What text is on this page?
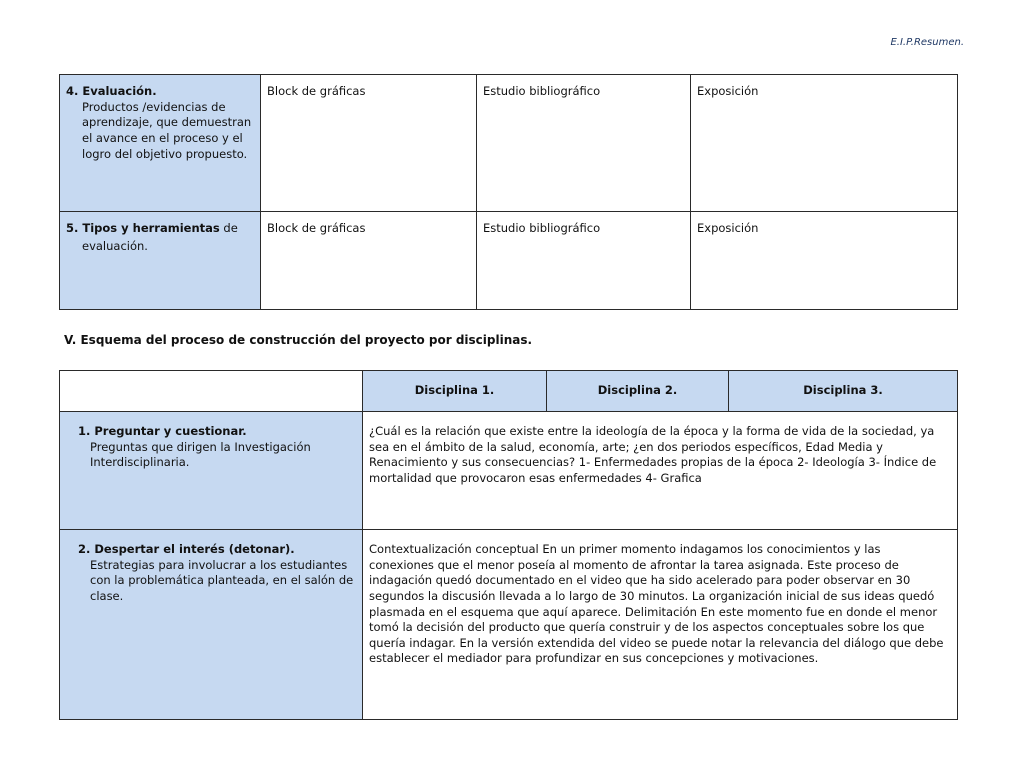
E.I.P.Resumen.
4. Evaluación.
Productos /evidencias de aprendizaje, que demuestran el avance en el proceso y el logro del objetivo propuesto.	Block de gráficas	Estudio bibliográfico	Exposición
5. Tipos y herramientas de
evaluación.	Block de gráficas	Estudio bibliográfico	Exposición
V. Esquema del proceso de construcción del proyecto por disciplinas.
	Disciplina 1.	Disciplina 2.	Disciplina 3.
1. Preguntar y cuestionar.
Preguntas que dirigen la Investigación Interdisciplinaria.	¿Cuál es la relación que existe entre la ideología de la época y la forma de vida de la sociedad, ya sea en el ámbito de la salud, economía, arte; ¿en dos periodos específicos, Edad Media y Renacimiento y sus consecuencias? 1- Enfermedades propias de la época 2- Ideología 3- Índice de mortalidad que provocaron esas enfermedades 4- Grafica		
2. Despertar el interés (detonar).
Estrategias para involucrar a los estudiantes con la problemática planteada, en el salón de clase.	Contextualización conceptual En un primer momento indagamos los conocimientos y las conexiones que el menor poseía al momento de afrontar la tarea asignada. Este proceso de indagación quedó documentado en el video que ha sido acelerado para poder observar en 30 segundos la discusión llevada a lo largo de 30 minutos. La organización inicial de sus ideas quedó plasmada en el esquema que aquí aparece. Delimitación En este momento fue en donde el menor tomó la decisión del producto que quería construir y de los aspectos conceptuales sobre los que quería indagar. En la versión extendida del video se puede notar la relevancia del diálogo que debe establecer el mediador para profundizar en sus concepciones y motivaciones.		
